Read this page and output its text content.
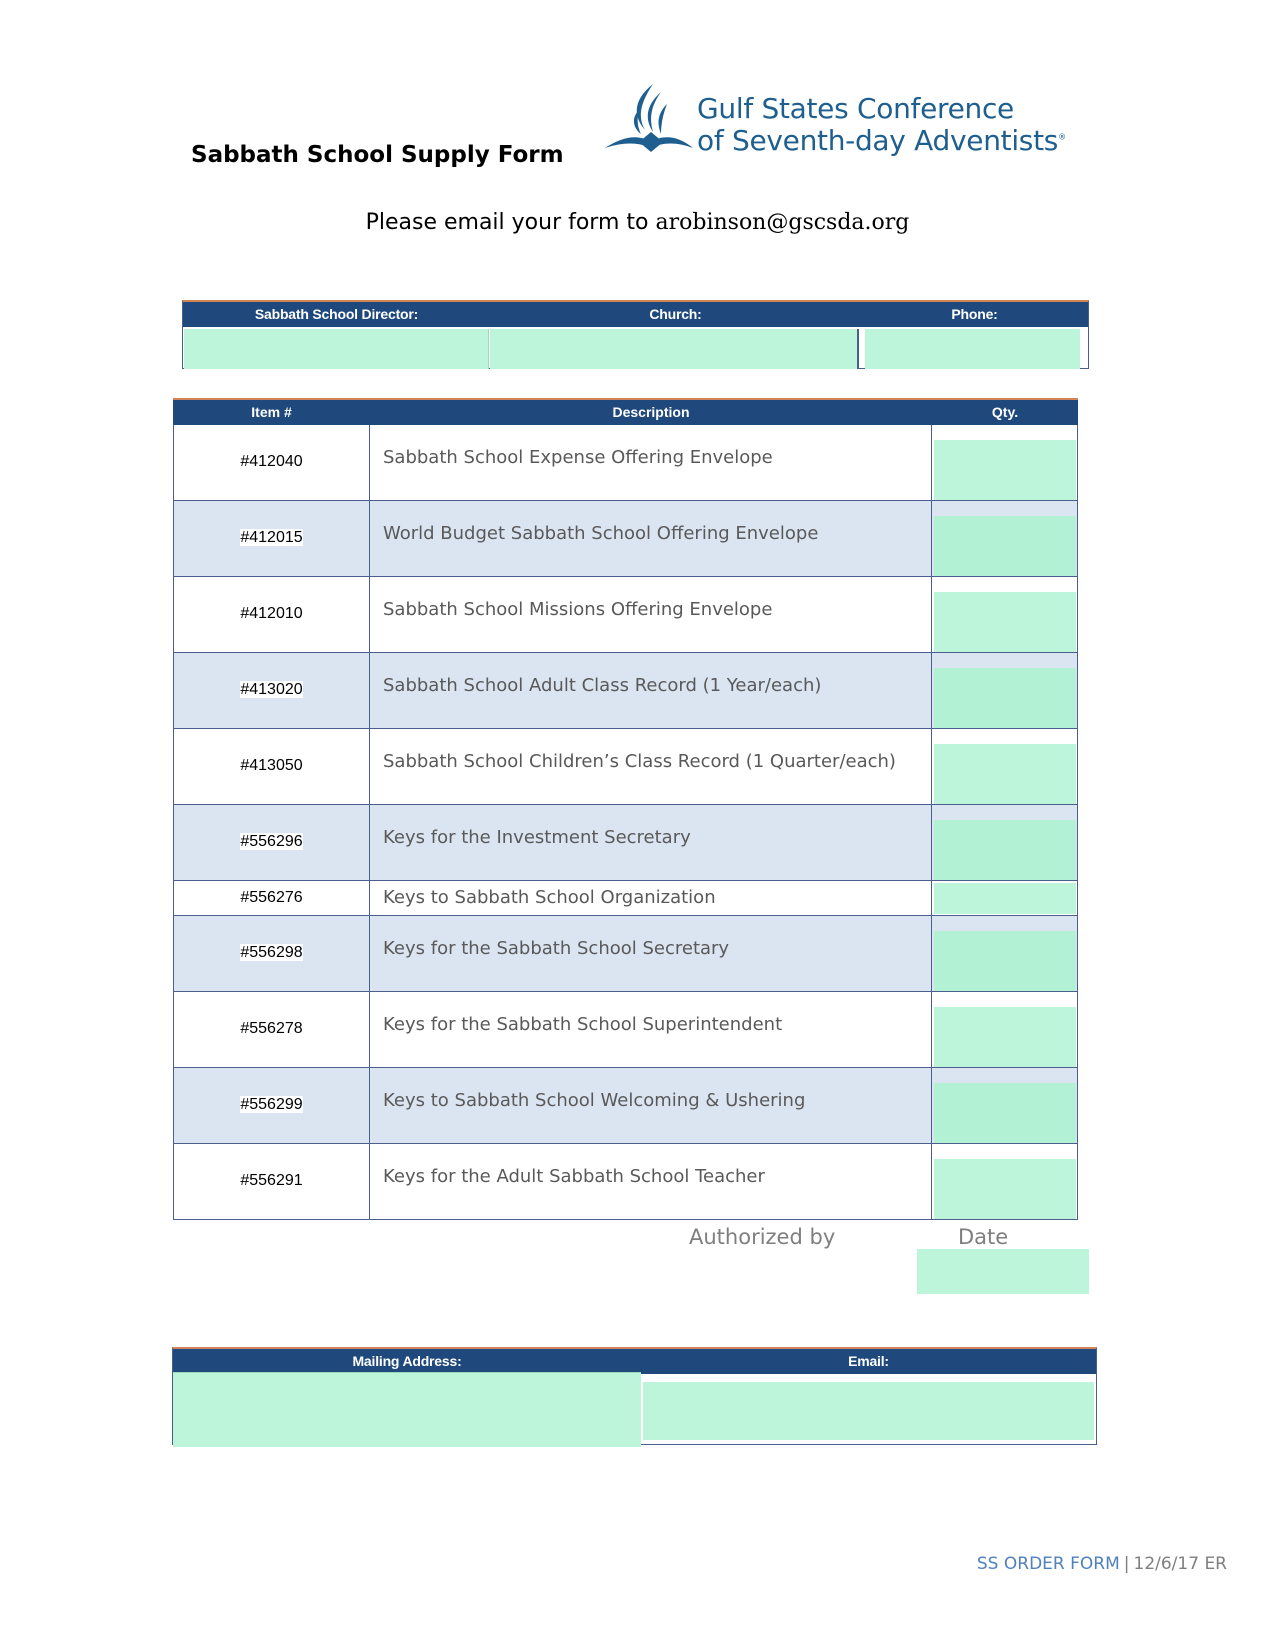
Sabbath School Supply Form
Gulf States Conference
of Seventh-day Adventists®
Please email your form to arobinson@gscsda.org
Sabbath School Director:	Church:	Phone:
Item #	Description	Qty.
#412040	Sabbath School Expense Offering Envelope
#412015	World Budget Sabbath School Offering Envelope
#412010	Sabbath School Missions Offering Envelope
#413020	Sabbath School Adult Class Record (1 Year/each)
#413050	Sabbath School Children’s Class Record (1 Quarter/each)
#556296	Keys for the Investment Secretary
#556276	Keys to Sabbath School Organization
#556298	Keys for the Sabbath School Secretary
#556278	Keys for the Sabbath School Superintendent
#556299	Keys to Sabbath School Welcoming & Ushering
#556291	Keys for the Adult Sabbath School Teacher
Authorized by	Date
Mailing Address:	Email:
SS ORDER FORM | 12/6/17 ER
